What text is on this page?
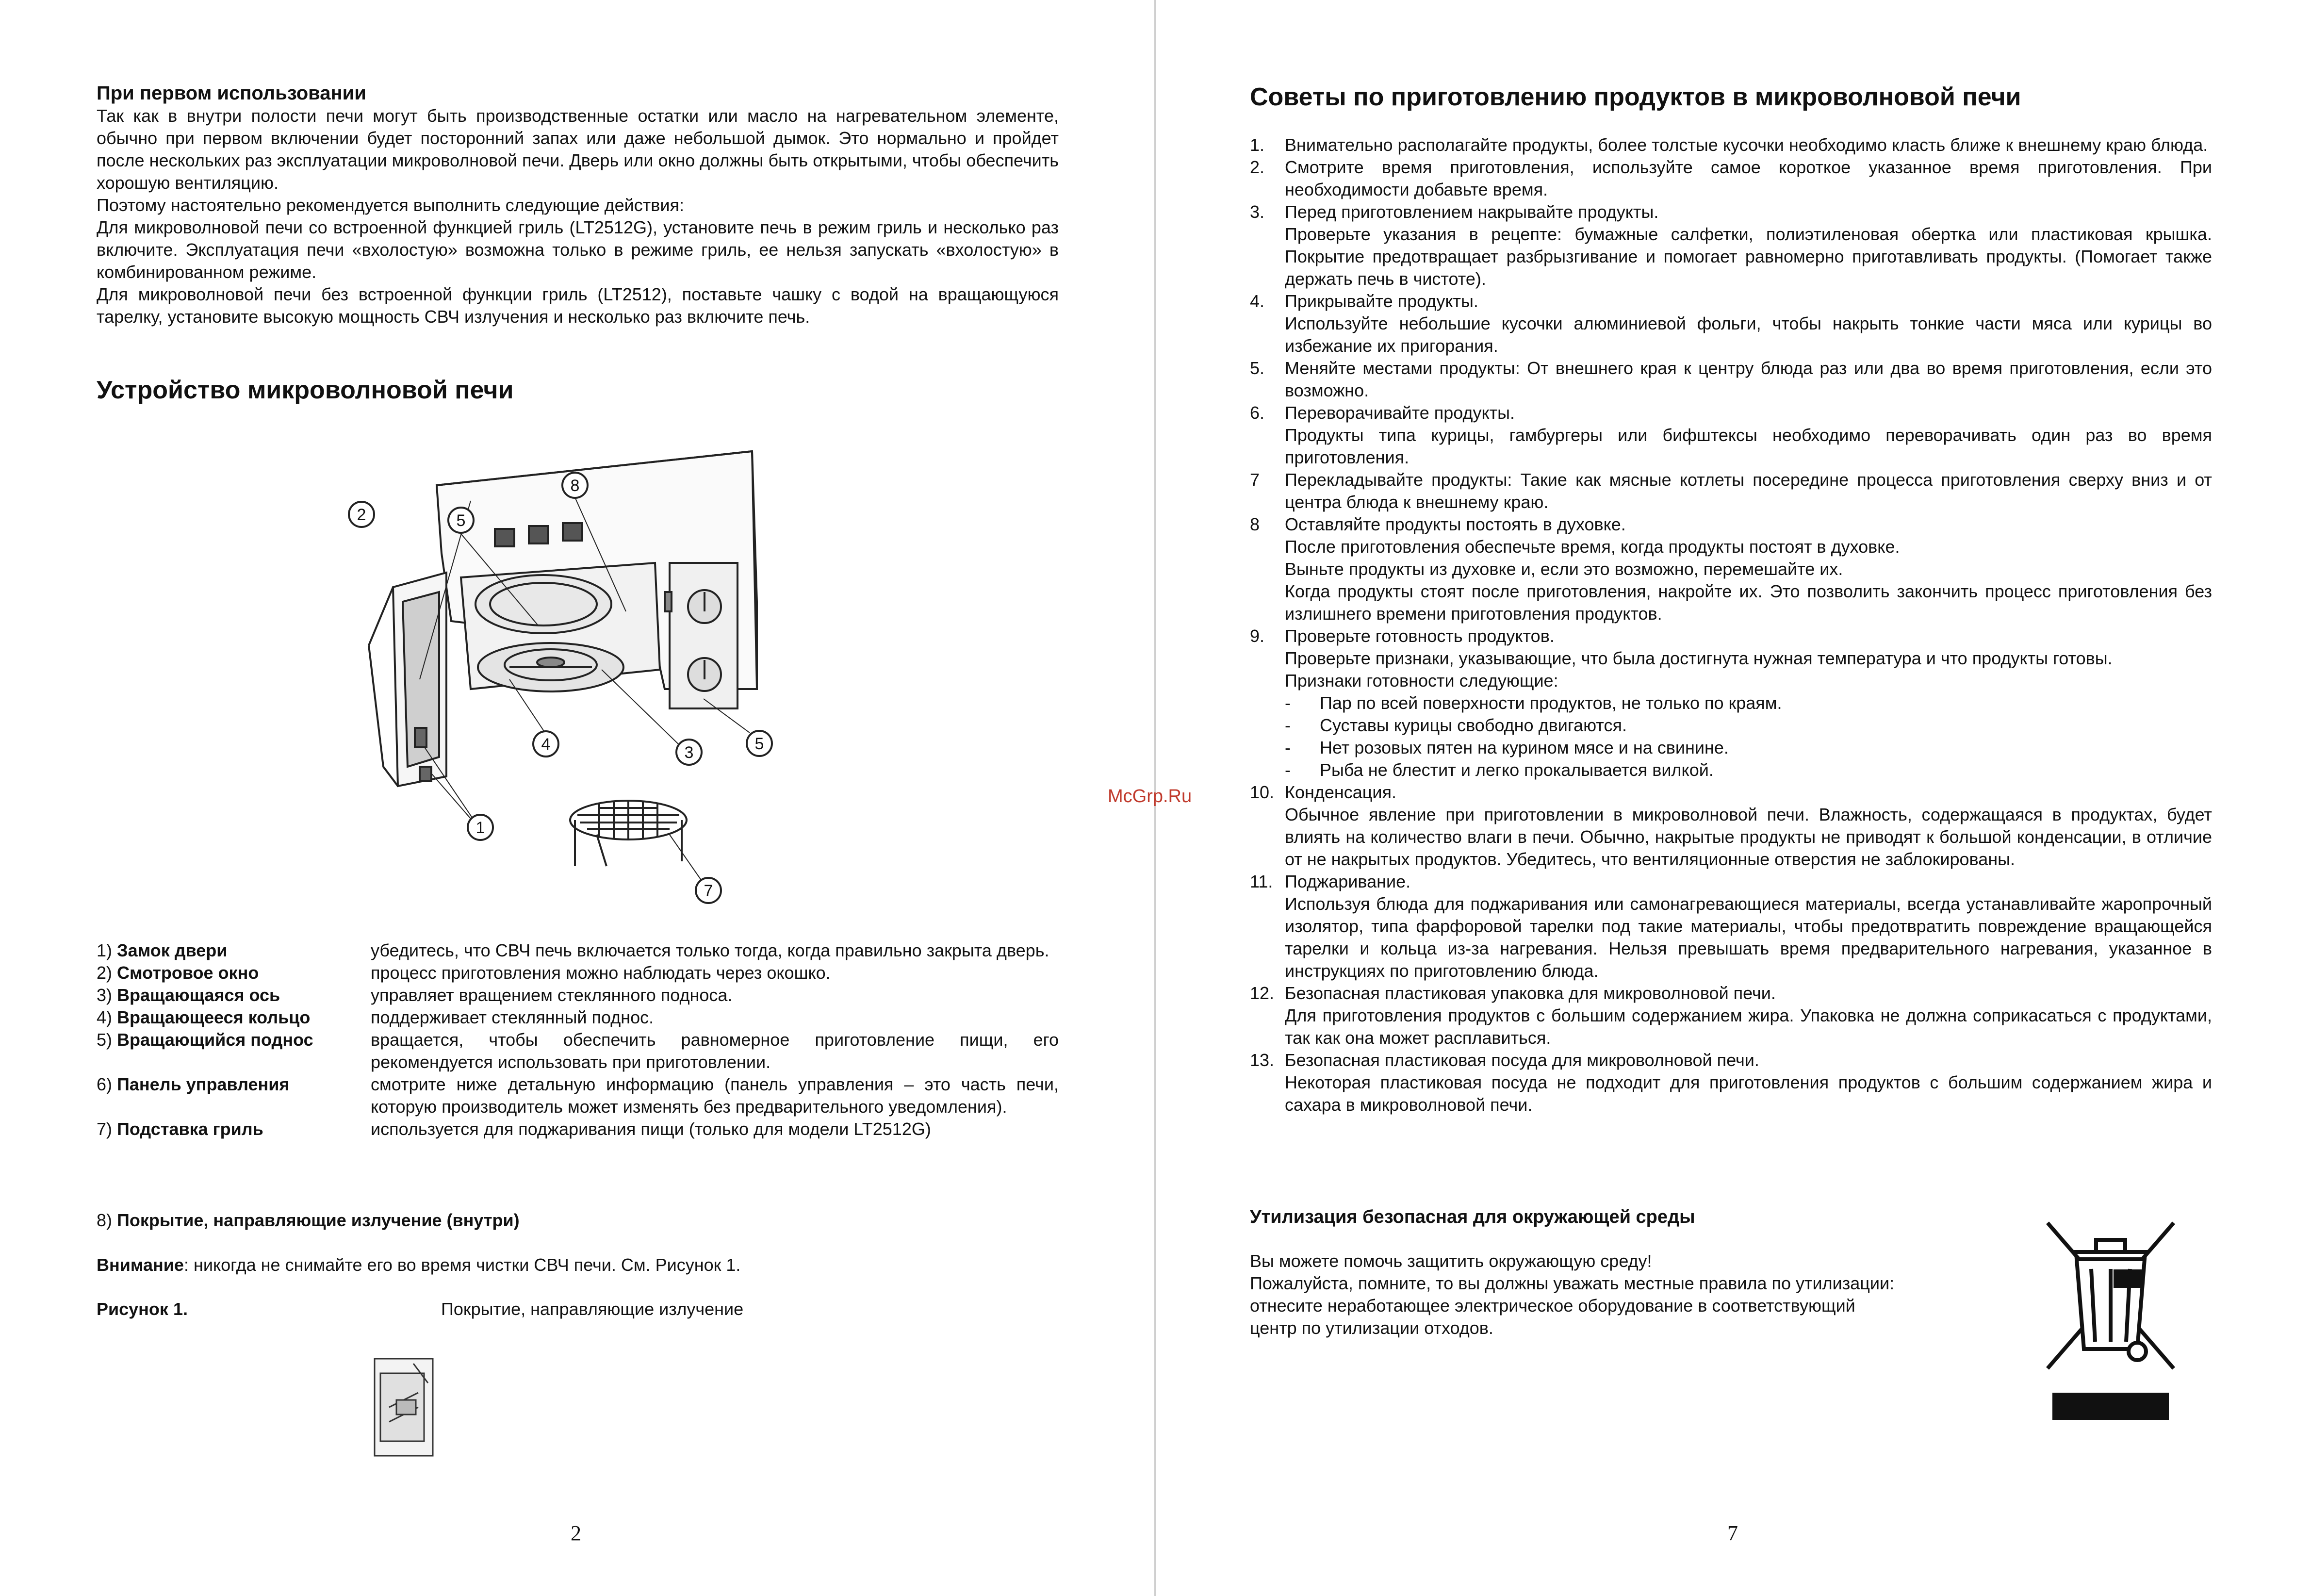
При первом использовании

Так как в внутри полости печи могут быть производственные остатки или масло на нагревательном элементе, обычно при первом включении будет посторонний запах или даже небольшой дымок. Это нормально и пройдет после нескольких раз эксплуатации микроволновой печи. Дверь или окно должны быть открытыми, чтобы обеспечить хорошую вентиляцию.

Поэтому настоятельно рекомендуется выполнить следующие действия:

Для микроволновой печи со встроенной функцией гриль (LT2512G), установите печь в режим гриль и несколько раз включите. Эксплуатация печи «вхолостую» возможна только в режиме гриль, ее нельзя запускать «вхолостую» в комбинированном режиме.

Для микроволновой печи без встроенной функции гриль (LT2512), поставьте чашку с водой на вращающуюся тарелку, установите высокую мощность СВЧ излучения и несколько раз включите печь.

Устройство микроволновой печи

5
8
2
5
4	3
1
7
1) Замок двери	убедитесь, что СВЧ печь включается только тогда, когда правильно закрыта дверь.
2) Смотровое окно	процесс приготовления можно наблюдать через окошко.
3) Вращающаяся ось	управляет вращением стеклянного подноса.
4) Вращающееся кольцо	поддерживает стеклянный поднос.
5) Вращающийся поднос	вращается, чтобы обеспечить равномерное приготовление пищи, его рекомендуется использовать при приготовлении.
6) Панель управления	смотрите ниже детальную информацию (панель управления – это часть печи, которую производитель может изменять без предварительного уведомления).
7) Подставка гриль	используется для поджаривания пищи (только для модели LT2512G)

8) Покрытие, направляющие излучение (внутри)

Внимание: никогда не снимайте его во время чистки СВЧ печи. См. Рисунок 1.

Рисунок 1.	Покрытие, направляющие излучение

2
McGrp.Ru

Советы по приготовлению продуктов в микроволновой печи

1.	Внимательно располагайте продукты, более толстые кусочки необходимо класть ближе к внешнему краю блюда.

2.	Смотрите время приготовления, используйте самое короткое указанное время приготовления. При необходимости добавьте время.

3.	Перед приготовлением накрывайте продукты.

Проверьте указания в рецепте: бумажные салфетки, полиэтиленовая обертка или пластиковая крышка. Покрытие предотвращает разбрызгивание и помогает равномерно приготавливать продукты. (Помогает также держать печь в чистоте).

4.	Прикрывайте продукты.

Используйте небольшие кусочки алюминиевой фольги, чтобы накрыть тонкие части мяса или курицы во избежание их пригорания.

5.	Меняйте местами продукты: От внешнего края к центру блюда раз или два во время приготовления, если это возможно.

6.	Переворачивайте продукты.

Продукты типа курицы, гамбургеры или бифштексы необходимо переворачивать один раз во время приготовления.

7	Перекладывайте продукты: Такие как мясные котлеты посередине процесса приготовления сверху вниз и от центра блюда к внешнему краю.

8	Оставляйте продукты постоять в духовке.

После приготовления обеспечьте время, когда продукты постоят в духовке.

Выньте продукты из духовке и, если это возможно, перемешайте их.

Когда продукты стоят после приготовления, накройте их. Это позволить закончить процесс приготовления без излишнего времени приготовления продуктов.

9.	Проверьте готовность продуктов.

Проверьте признаки, указывающие, что была достигнута нужная температура и что продукты готовы.

Признаки готовности следующие:

-	Пар по всей поверхности продуктов, не только по краям.
-	Суставы курицы свободно двигаются.
-	Нет розовых пятен на курином мясе и на свинине.
-	Рыба не блестит и легко прокалывается вилкой.
10. Конденсация.

Обычное явление при приготовлении в микроволновой печи. Влажность, содержащаяся в продуктах, будет влиять на количество влаги в печи. Обычно, накрытые продукты не приводят к большой конденсации, в отличие от не накрытых продуктов. Убедитесь, что вентиляционные отверстия не заблокированы.

11. Поджаривание.

Используя блюда для поджаривания или самонагревающиеся материалы, всегда устанавливайте жаропрочный изолятор, типа фарфоровой тарелки под такие материалы, чтобы предотвратить повреждение вращающейся тарелки и кольца из-за нагревания. Нельзя превышать время предварительного нагревания, указанное в инструкциях по приготовлению блюда.

12. Безопасная пластиковая упаковка для микроволновой печи.

Для приготовления продуктов с большим содержанием жира. Упаковка не должна соприкасаться с продуктами, так как она может расплавиться.

13. Безопасная пластиковая посуда для микроволновой печи.

Некоторая пластиковая посуда не подходит для приготовления продуктов с большим содержанием жира и сахара в микроволновой печи.

Утилизация безопасная для окружающей среды

Вы можете помочь защитить окружающую среду!

Пожалуйста, помните, то вы должны уважать местные правила по утилизации:

отнесите неработающее электрическое оборудование в соответствующий

центр по утилизации отходов.

7
